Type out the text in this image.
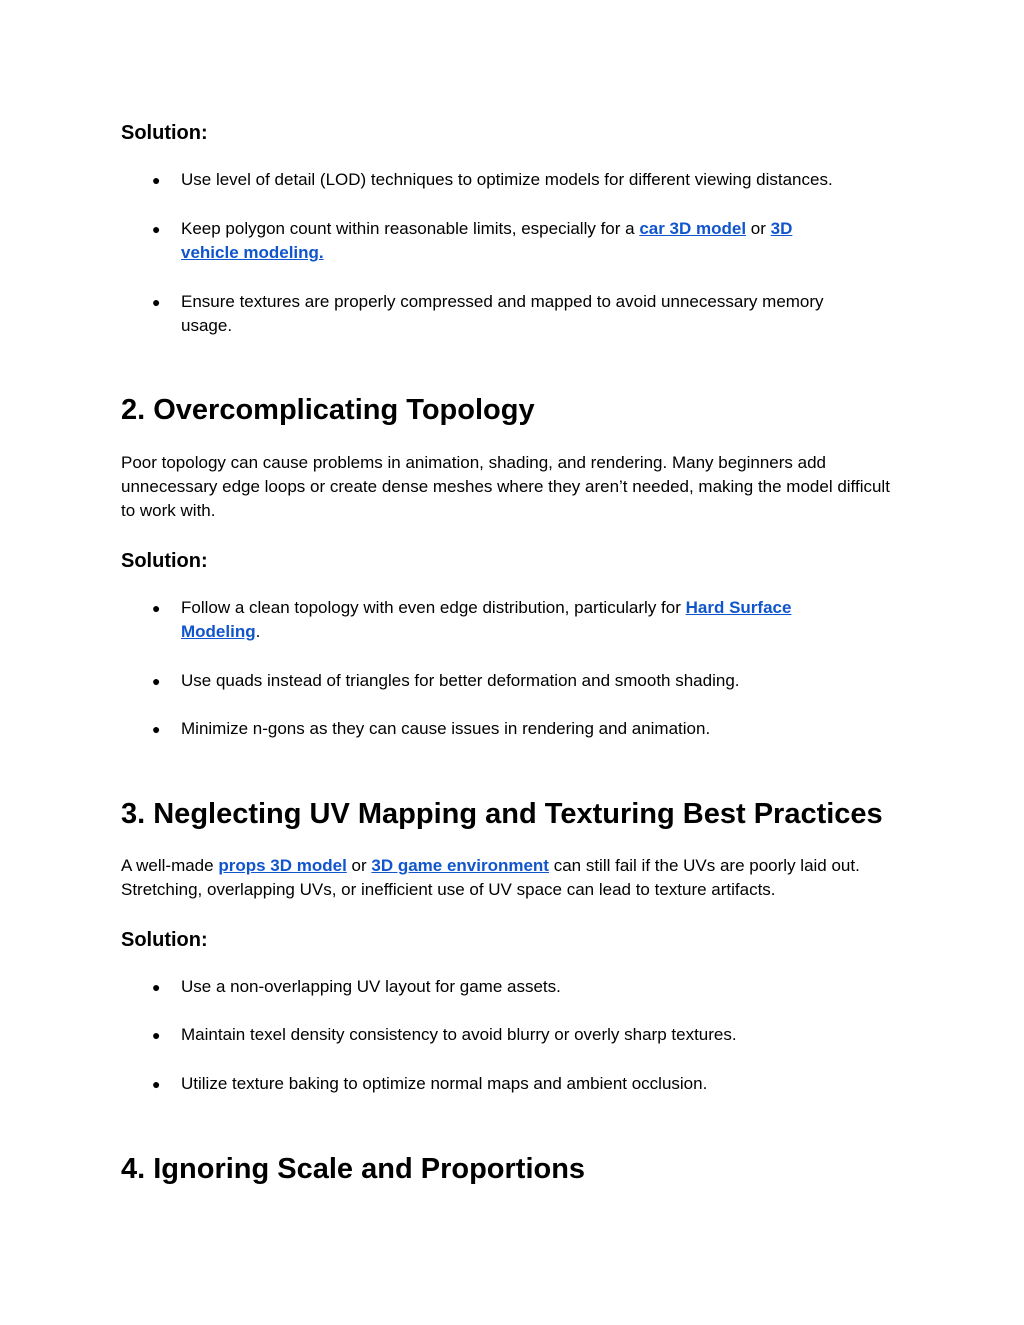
Solution:
● Use level of detail (LOD) techniques to optimize models for different viewing distances.
● Keep polygon count within reasonable limits, especially for a car 3D model or 3D vehicle modeling.
● Ensure textures are properly compressed and mapped to avoid unnecessary memory usage.
2. Overcomplicating Topology

Poor topology can cause problems in animation, shading, and rendering. Many beginners add unnecessary edge loops or create dense meshes where they aren’t needed, making the model difficult to work with.

Solution:
● Follow a clean topology with even edge distribution, particularly for Hard Surface Modeling.
● Use quads instead of triangles for better deformation and smooth shading.
● Minimize n-gons as they can cause issues in rendering and animation.
3. Neglecting UV Mapping and Texturing Best Practices

A well-made props 3D model or 3D game environment can still fail if the UVs are poorly laid out. Stretching, overlapping UVs, or inefficient use of UV space can lead to texture artifacts.

Solution:
● Use a non-overlapping UV layout for game assets.
● Maintain texel density consistency to avoid blurry or overly sharp textures.
● Utilize texture baking to optimize normal maps and ambient occlusion.
4. Ignoring Scale and Proportions
